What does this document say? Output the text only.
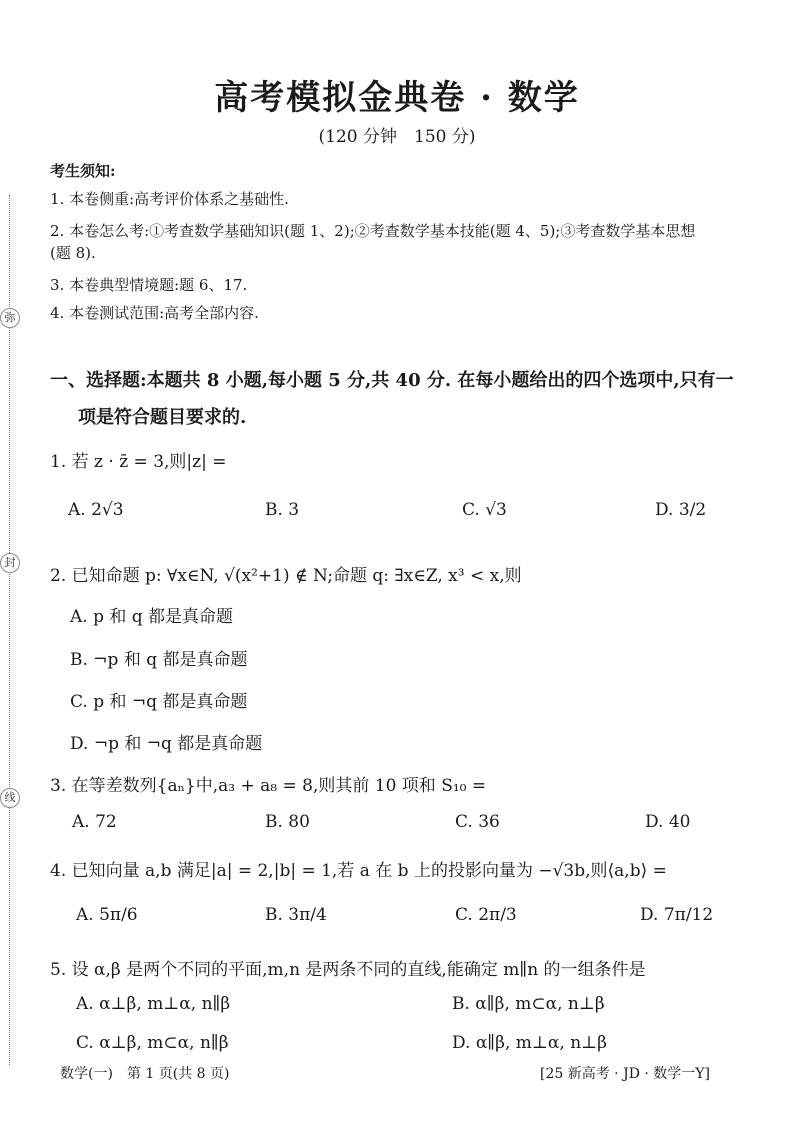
弥
封
线
高考模拟金典卷 · 数学
(120 分钟　150 分)
考生须知:
1. 本卷侧重:高考评价体系之基础性.
2. 本卷怎么考:①考查数学基础知识(题 1、2);②考查数学基本技能(题 4、5);③考查数学基本思想
(题 8).
3. 本卷典型情境题:题 6、17.
4. 本卷测试范围:高考全部内容.
一、选择题:本题共 8 小题,每小题 5 分,共 40 分. 在每小题给出的四个选项中,只有一
项是符合题目要求的.
1. 若 z · z̄ = 3,则|z| =
A. 2√3	B. 3	C. √3	D. 3/2
2. 已知命题 p: ∀x∈N, √(x²+1) ∉ N;命题 q: ∃x∈Z, x³ < x,则
A. p 和 q 都是真命题
B. ¬p 和 q 都是真命题
C. p 和 ¬q 都是真命题
D. ¬p 和 ¬q 都是真命题
3. 在等差数列{aₙ}中,a₃ + a₈ = 8,则其前 10 项和 S₁₀ =
A. 72	B. 80	C. 36	D. 40
4. 已知向量 a,b 满足|a| = 2,|b| = 1,若 a 在 b 上的投影向量为 −√3b,则⟨a,b⟩ =
A. 5π/6	B. 3π/4	C. 2π/3	D. 7π/12
5. 设 α,β 是两个不同的平面,m,n 是两条不同的直线,能确定 m∥n 的一组条件是
A. α⊥β, m⊥α, n∥β	B. α∥β, m⊂α, n⊥β
C. α⊥β, m⊂α, n∥β	D. α∥β, m⊥α, n⊥β
数学(一)　第 1 页(共 8 页)	[25 新高考 · JD · 数学一Y]
